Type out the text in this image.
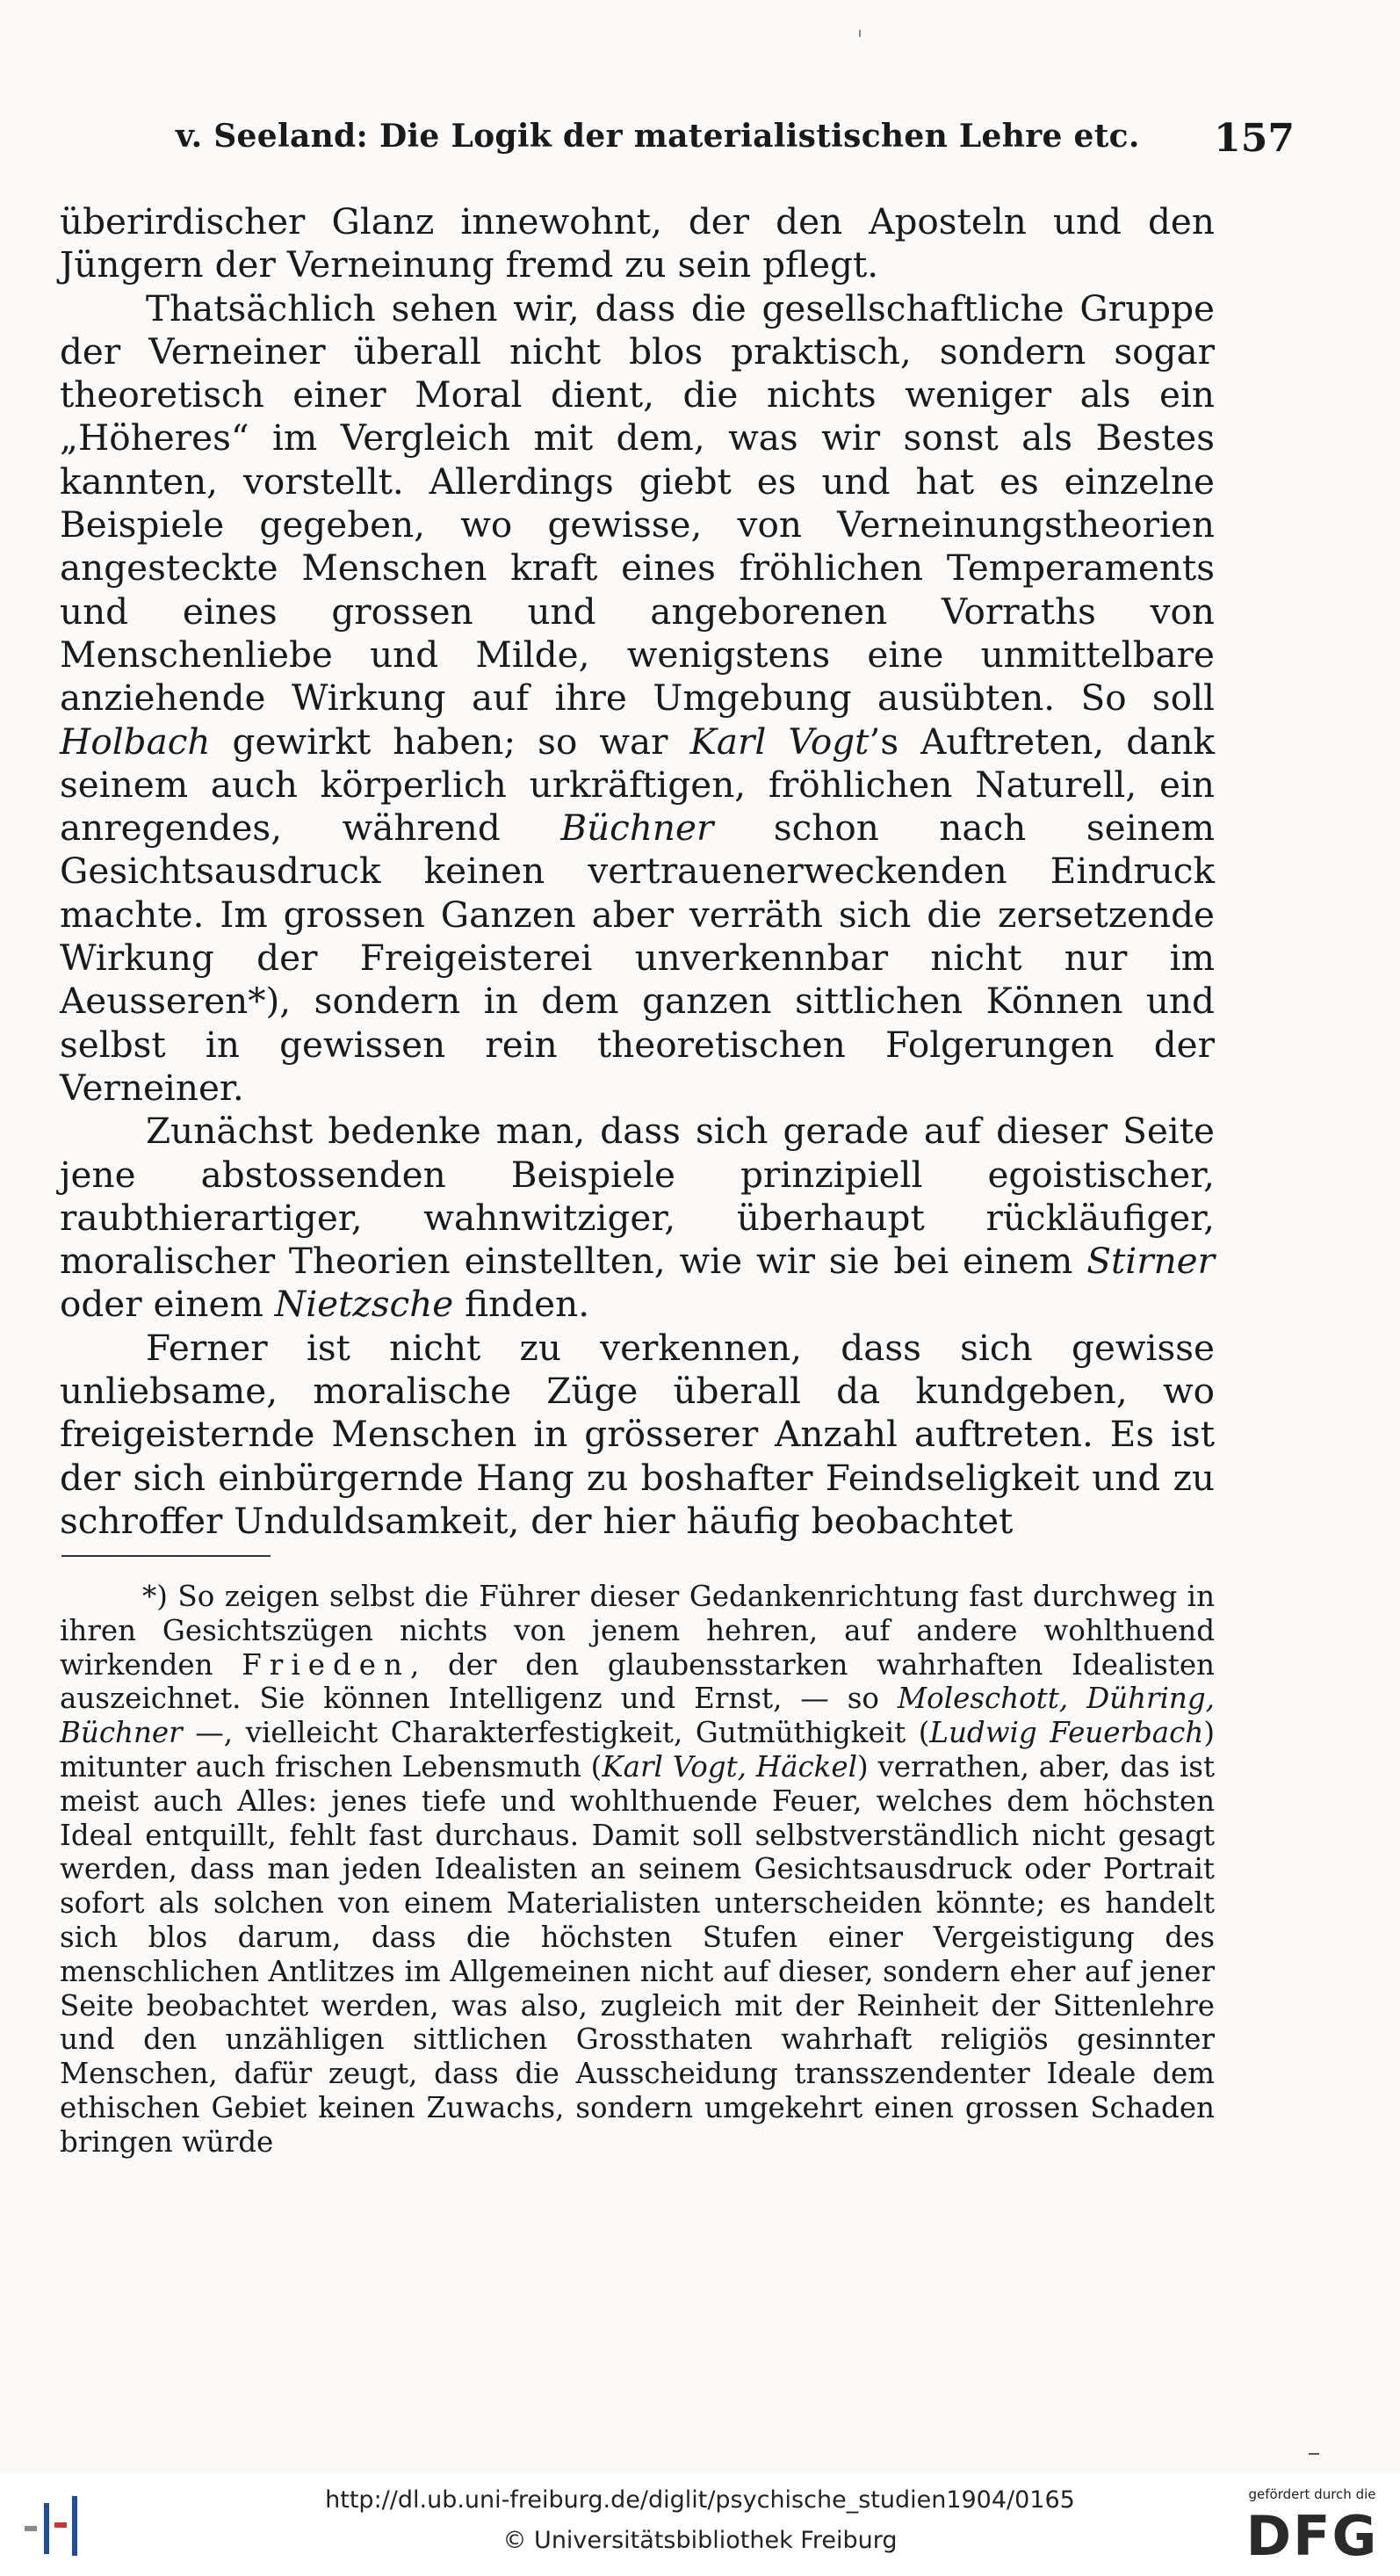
v. Seeland: Die Logik der materialistischen Lehre etc. 157

überirdischer Glanz innewohnt, der den Aposteln und den Jüngern der Verneinung fremd zu sein pflegt.

Thatsächlich sehen wir, dass die gesellschaftliche Gruppe der Verneiner überall nicht blos praktisch, sondern sogar theoretisch einer Moral dient, die nichts weniger als ein „Höheres“ im Vergleich mit dem, was wir sonst als Bestes kannten, vorstellt. Allerdings giebt es und hat es einzelne Beispiele gegeben, wo gewisse, von Verneinungstheorien angesteckte Menschen kraft eines fröhlichen Temperaments und eines grossen und angeborenen Vorraths von Menschenliebe und Milde, wenigstens eine unmittelbare anziehende Wirkung auf ihre Umgebung ausübten. So soll Holbach gewirkt haben; so war Karl Vogt’s Auftreten, dank seinem auch körperlich urkräftigen, fröhlichen Naturell, ein anregendes, während Büchner schon nach seinem Gesichtsausdruck keinen vertrauenerweckenden Eindruck machte. Im grossen Ganzen aber verräth sich die zersetzende Wirkung der Freigeisterei unverkennbar nicht nur im Aeusseren*), sondern in dem ganzen sittlichen Können und selbst in gewissen rein theoretischen Folgerungen der Verneiner.

Zunächst bedenke man, dass sich gerade auf dieser Seite jene abstossenden Beispiele prinzipiell egoistischer, raubthierartiger, wahnwitziger, überhaupt rückläufiger, moralischer Theorien einstellten, wie wir sie bei einem Stirner oder einem Nietzsche finden.

Ferner ist nicht zu verkennen, dass sich gewisse unliebsame, moralische Züge überall da kundgeben, wo freigeisternde Menschen in grösserer Anzahl auftreten. Es ist der sich einbürgernde Hang zu boshafter Feindseligkeit und zu schroffer Unduldsamkeit, der hier häufig beobachtet

*) So zeigen selbst die Führer dieser Gedankenrichtung fast durchweg in ihren Gesichtszügen nichts von jenem hehren, auf andere wohlthuend wirkenden Frieden, der den glaubensstarken wahrhaften Idealisten auszeichnet. Sie können Intelligenz und Ernst, — so Moleschott, Dühring, Büchner —, vielleicht Charakterfestigkeit, Gutmüthigkeit (Ludwig Feuerbach) mitunter auch frischen Lebensmuth (Karl Vogt, Häckel) verrathen, aber, das ist meist auch Alles: jenes tiefe und wohlthuende Feuer, welches dem höchsten Ideal entquillt, fehlt fast durchaus. Damit soll selbstverständlich nicht gesagt werden, dass man jeden Idealisten an seinem Gesichtsausdruck oder Portrait sofort als solchen von einem Materialisten unterscheiden könnte; es handelt sich blos darum, dass die höchsten Stufen einer Vergeistigung des menschlichen Antlitzes im Allgemeinen nicht auf dieser, sondern eher auf jener Seite beobachtet werden, was also, zugleich mit der Reinheit der Sittenlehre und den unzähligen sittlichen Grossthaten wahrhaft religiös gesinnter Menschen, dafür zeugt, dass die Ausscheidung transszendenter Ideale dem ethischen Gebiet keinen Zuwachs, sondern umgekehrt einen grossen Schaden bringen würde

http://dl.ub.uni-freiburg.de/diglit/psychische_studien1904/0165
© Universitätsbibliothek Freiburg
gefördert durch die
DFG
